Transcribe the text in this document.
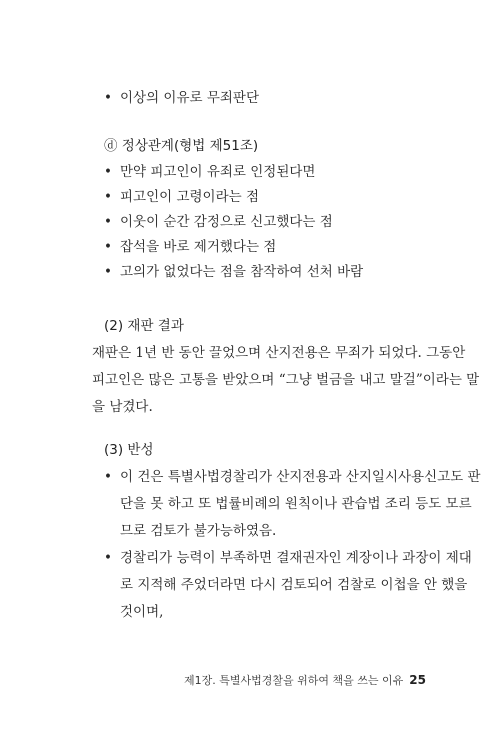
• 이상의 이유로 무죄판단
ⓓ 정상관계(형법 제51조)
• 만약 피고인이 유죄로 인정된다면
• 피고인이 고령이라는 점
• 이웃이 순간 감정으로 신고했다는 점
• 잡석을 바로 제거했다는 점
• 고의가 없었다는 점을 참작하여 선처 바람
(2) 재판 결과
재판은 1년 반 동안 끌었으며 산지전용은 무죄가 되었다. 그동안
피고인은 많은 고통을 받았으며 “그냥 벌금을 내고 말걸”이라는 말
을 남겼다.
(3) 반성
• 이 건은 특별사법경찰리가 산지전용과 산지일시사용신고도 판
단을 못 하고 또 법률비례의 원칙이나 관습법 조리 등도 모르
므로 검토가 불가능하였음.
• 경찰리가 능력이 부족하면 결재권자인 계장이나 과장이 제대
로 지적해 주었더라면 다시 검토되어 검찰로 이첩을 안 했을
것이며,
제1장. 특별사법경찰을 위하여 책을 쓰는 이유 25
